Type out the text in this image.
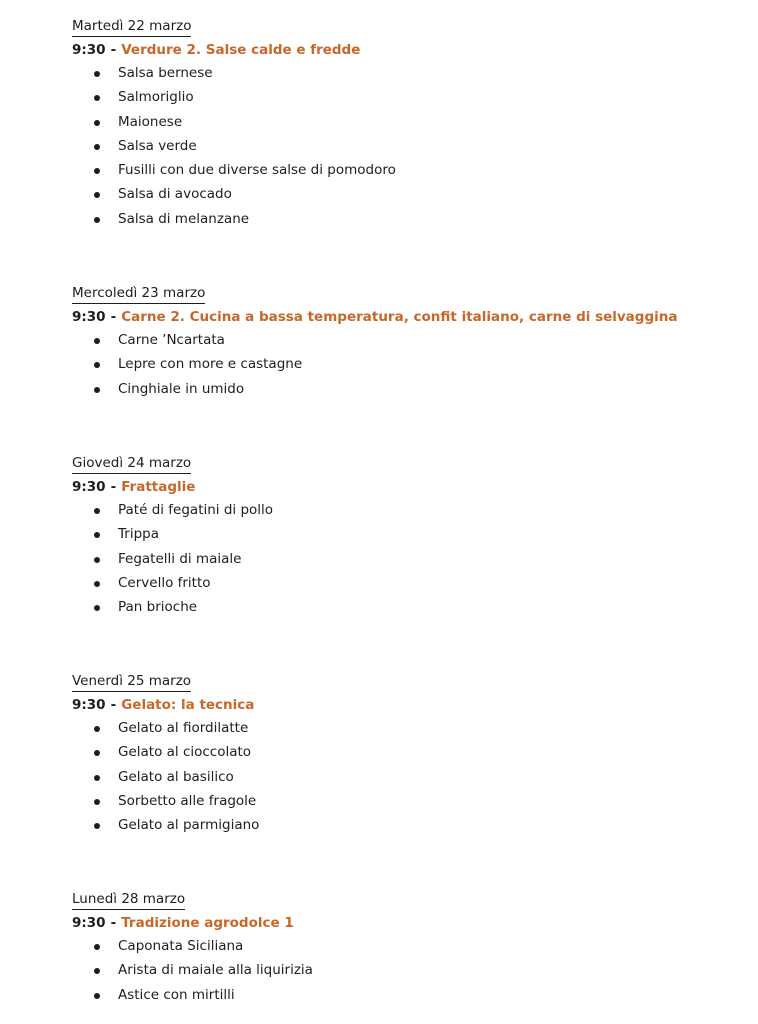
Martedì 22 marzo
9:30 - Verdure 2. Salse calde e fredde
Salsa bernese
Salmoriglio
Maionese
Salsa verde
Fusilli con due diverse salse di pomodoro
Salsa di avocado
Salsa di melanzane
Mercoledì 23 marzo
9:30 - Carne 2. Cucina a bassa temperatura, confit italiano, carne di selvaggina
Carne ’Ncartata
Lepre con more e castagne
Cinghiale in umido
Giovedì 24 marzo
9:30 - Frattaglie
Paté di fegatini di pollo
Trippa
Fegatelli di maiale
Cervello fritto
Pan brioche
Venerdì 25 marzo
9:30 - Gelato: la tecnica
Gelato al fiordilatte
Gelato al cioccolato
Gelato al basilico
Sorbetto alle fragole
Gelato al parmigiano
Lunedì 28 marzo
9:30 - Tradizione agrodolce 1
Caponata Siciliana
Arista di maiale alla liquirizia
Astice con mirtilli
